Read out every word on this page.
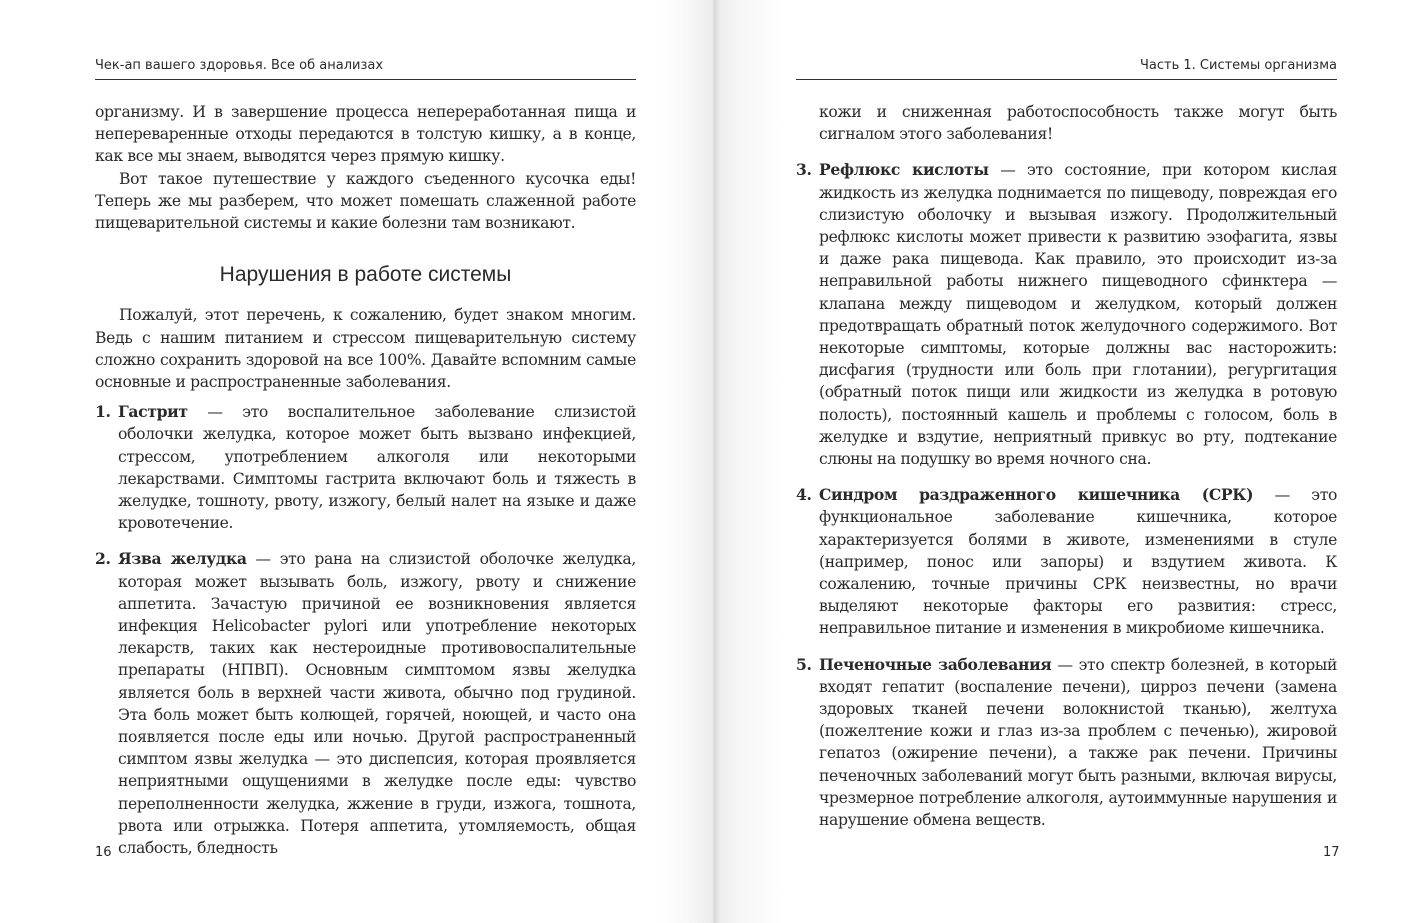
Чек-ап вашего здоровья. Все об анализах

организму. И в завершение процесса непереработанная пища и непереваренные отходы передаются в толстую кишку, а в конце, как все мы знаем, выводятся через прямую кишку.

Вот такое путешествие у каждого съеденного кусочка еды! Теперь же мы разберем, что может помешать слаженной работе пищеварительной системы и какие болезни там возникают.

Нарушения в работе системы

Пожалуй, этот перечень, к сожалению, будет знаком многим. Ведь с нашим питанием и стрессом пищеварительную систему сложно сохранить здоровой на все 100%. Давайте вспомним самые основные и распространенные заболевания.

1. Гастрит — это воспалительное заболевание слизистой оболочки желудка, которое может быть вызвано инфекцией, стрессом, употреблением алкоголя или некоторыми лекарствами. Симптомы гастрита включают боль и тяжесть в желудке, тошноту, рвоту, изжогу, белый налет на языке и даже кровотечение.
2. Язва желудка — это рана на слизистой оболочке желудка, которая может вызывать боль, изжогу, рвоту и снижение аппетита. Зачастую причиной ее возникновения является инфекция Helicobacter pylori или употребление некоторых лекарств, таких как нестероидные противовоспалительные препараты (НПВП). Основным симптомом язвы желудка является боль в верхней части живота, обычно под грудиной. Эта боль может быть колющей, горячей, ноющей, и часто она появляется после еды или ночью. Другой распространенный симптом язвы желудка — это диспепсия, которая проявляется неприятными ощущениями в желудке после еды: чувство переполненности желудка, жжение в груди, изжога, тошнота, рвота или отрыжка. Потеря аппетита, утомляемость, общая слабость, бледность
16
Часть 1. Системы организма

кожи и сниженная работоспособность также могут быть сигналом этого заболевания!

3. Рефлюкс кислоты — это состояние, при котором кислая жидкость из желудка поднимается по пищеводу, повреждая его слизистую оболочку и вызывая изжогу. Продолжительный рефлюкс кислоты может привести к развитию эзофагита, язвы и даже рака пищевода. Как правило, это происходит из-за неправильной работы нижнего пищеводного сфинктера — клапана между пищеводом и желудком, который должен предотвращать обратный поток желудочного содержимого. Вот некоторые симптомы, которые должны вас насторожить: дисфагия (трудности или боль при глотании), регургитация (обратный поток пищи или жидкости из желудка в ротовую полость), постоянный кашель и проблемы с голосом, боль в желудке и вздутие, неприятный привкус во рту, подтекание слюны на подушку во время ночного сна.
4. Синдром раздраженного кишечника (СРК) — это функциональное заболевание кишечника, которое характеризуется болями в животе, изменениями в стуле (например, понос или запоры) и вздутием живота. К сожалению, точные причины СРК неизвестны, но врачи выделяют некоторые факторы его развития: стресс, неправильное питание и изменения в микробиоме кишечника.
5. Печеночные заболевания — это спектр болезней, в который входят гепатит (воспаление печени), цирроз печени (замена здоровых тканей печени волокнистой тканью), желтуха (пожелтение кожи и глаз из-за проблем с печенью), жировой гепатоз (ожирение печени), а также рак печени. Причины печеночных заболеваний могут быть разными, включая вирусы, чрезмерное потребление алкоголя, аутоиммунные нарушения и нарушение обмена веществ.
17
